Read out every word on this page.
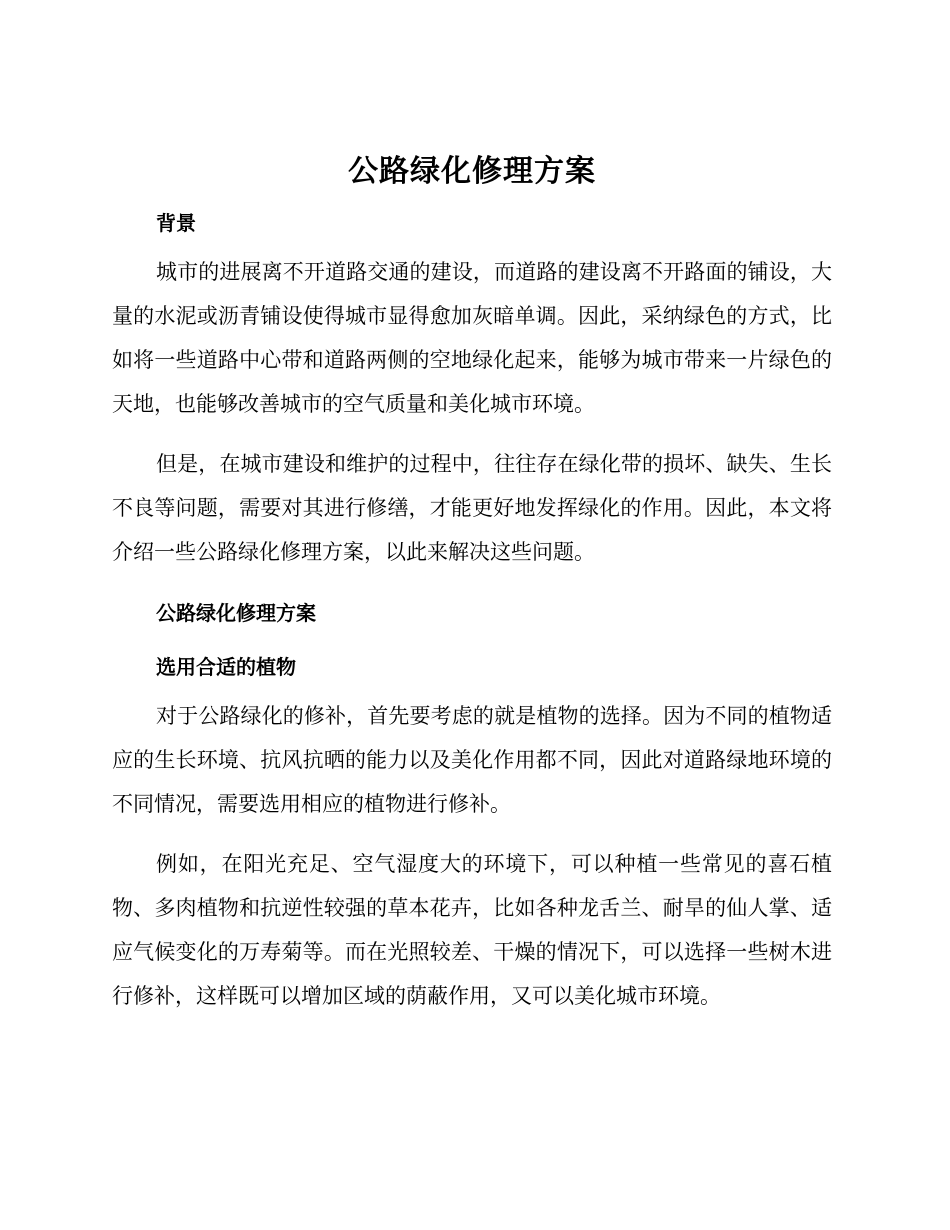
公路绿化修理方案
背景

城市的进展离不开道路交通的建设，而道路的建设离不开路面的铺设，大量的水泥或沥青铺设使得城市显得愈加灰暗单调。因此，采纳绿色的方式，比如将一些道路中心带和道路两侧的空地绿化起来，能够为城市带来一片绿色的天地，也能够改善城市的空气质量和美化城市环境。

但是，在城市建设和维护的过程中，往往存在绿化带的损坏、缺失、生长不良等问题，需要对其进行修缮，才能更好地发挥绿化的作用。因此，本文将介绍一些公路绿化修理方案，以此来解决这些问题。

公路绿化修理方案
选用合适的植物

对于公路绿化的修补，首先要考虑的就是植物的选择。因为不同的植物适应的生长环境、抗风抗晒的能力以及美化作用都不同，因此对道路绿地环境的不同情况，需要选用相应的植物进行修补。

例如，在阳光充足、空气湿度大的环境下，可以种植一些常见的喜石植物、多肉植物和抗逆性较强的草本花卉，比如各种龙舌兰、耐旱的仙人掌、适应气候变化的万寿菊等。而在光照较差、干燥的情况下，可以选择一些树木进行修补，这样既可以增加区域的荫蔽作用，又可以美化城市环境。
